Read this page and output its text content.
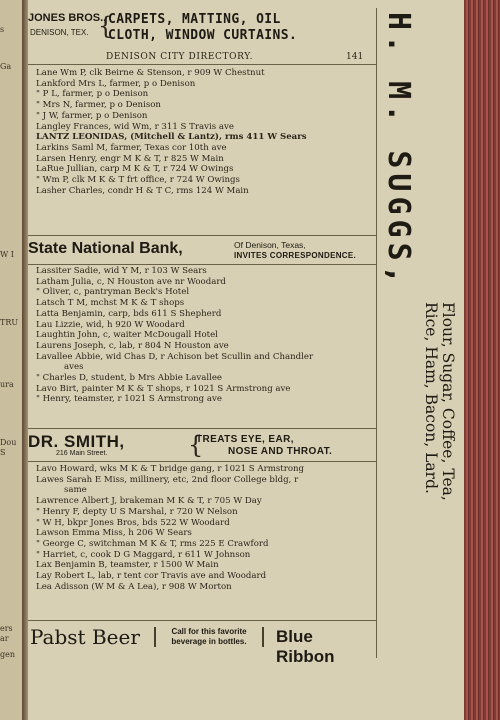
s
Ga
W I
TRU
ura
Dou
S
ers
ar
gen
JONES BROS.,
DENISON, TEX. {
CARPETS, MATTING, OIL
CLOTH, WINDOW CURTAINS.
DENISON CITY DIRECTORY.	141
Lane Wm P, clk Beirne & Stenson, r 909 W Chestnut
Lankford Mrs L, farmer, p o Denison
" P L, farmer, p o Denison
" Mrs N, farmer, p o Denison
" J W, farmer, p o Denison
Langley Frances, wid Wm, r 311 S Travis ave
LANTZ LEONIDAS, (Mitchell & Lantz), rms 411 W Sears
Larkins Saml M, farmer, Texas cor 10th ave
Larsen Henry, engr M K & T, r 825 W Main
LaRue Jullian, carp M K & T, r 724 W Owings
" Wm P, clk M K & T frt office, r 724 W Owings
Lasher Charles, condr H & T C, rms 124 W Main
State National Bank,	Of Denison, Texas,
INVITES CORRESPONDENCE.
Lassiter Sadie, wid Y M, r 103 W Sears
Latham Julia, c, N Houston ave nr Woodard
" Oliver, c, pantryman Beck's Hotel
Latsch T M, mchst M K & T shops
Latta Benjamin, carp, bds 611 S Shepherd
Lau Lizzie, wid, h 920 W Woodard
Laughtin John, c, waiter McDougall Hotel
Laurens Joseph, c, lab, r 804 N Houston ave
Lavallee Abbie, wid Chas D, r Achison bet Scullin and Chandler
aves
" Charles D, student, b Mrs Abbie Lavallee
Lavo Birt, painter M K & T shops, r 1021 S Armstrong ave
" Henry, teamster, r 1021 S Armstrong ave
DR. SMITH,
216 Main Street.	{
TREATS EYE, EAR,
NOSE AND THROAT.
Lavo Howard, wks M K & T bridge gang, r 1021 S Armstrong
Lawes Sarah E Miss, millinery, etc, 2nd floor College bldg, r
same
Lawrence Albert J, brakeman M K & T, r 705 W Day
" Henry F, depty U S Marshal, r 720 W Nelson
" W H, bkpr Jones Bros, bds 522 W Woodard
Lawson Emma Miss, h 206 W Sears
" George C, switchman M K & T, rms 225 E Crawford
" Harriet, c, cook D G Maggard, r 611 W Johnson
Lax Benjamin B, teamster, r 1500 W Main
Lay Robert L, lab, r tent cor Travis ave and Woodard
Lea Adisson (W M & A Lea), r 908 W Morton
Pabst Beer	Call for this favorite
beverage in bottles.	Blue Ribbon
H. M. SUGGS,
Flour, Sugar, Coffee, Tea,
Rice, Ham, Bacon, Lard.
